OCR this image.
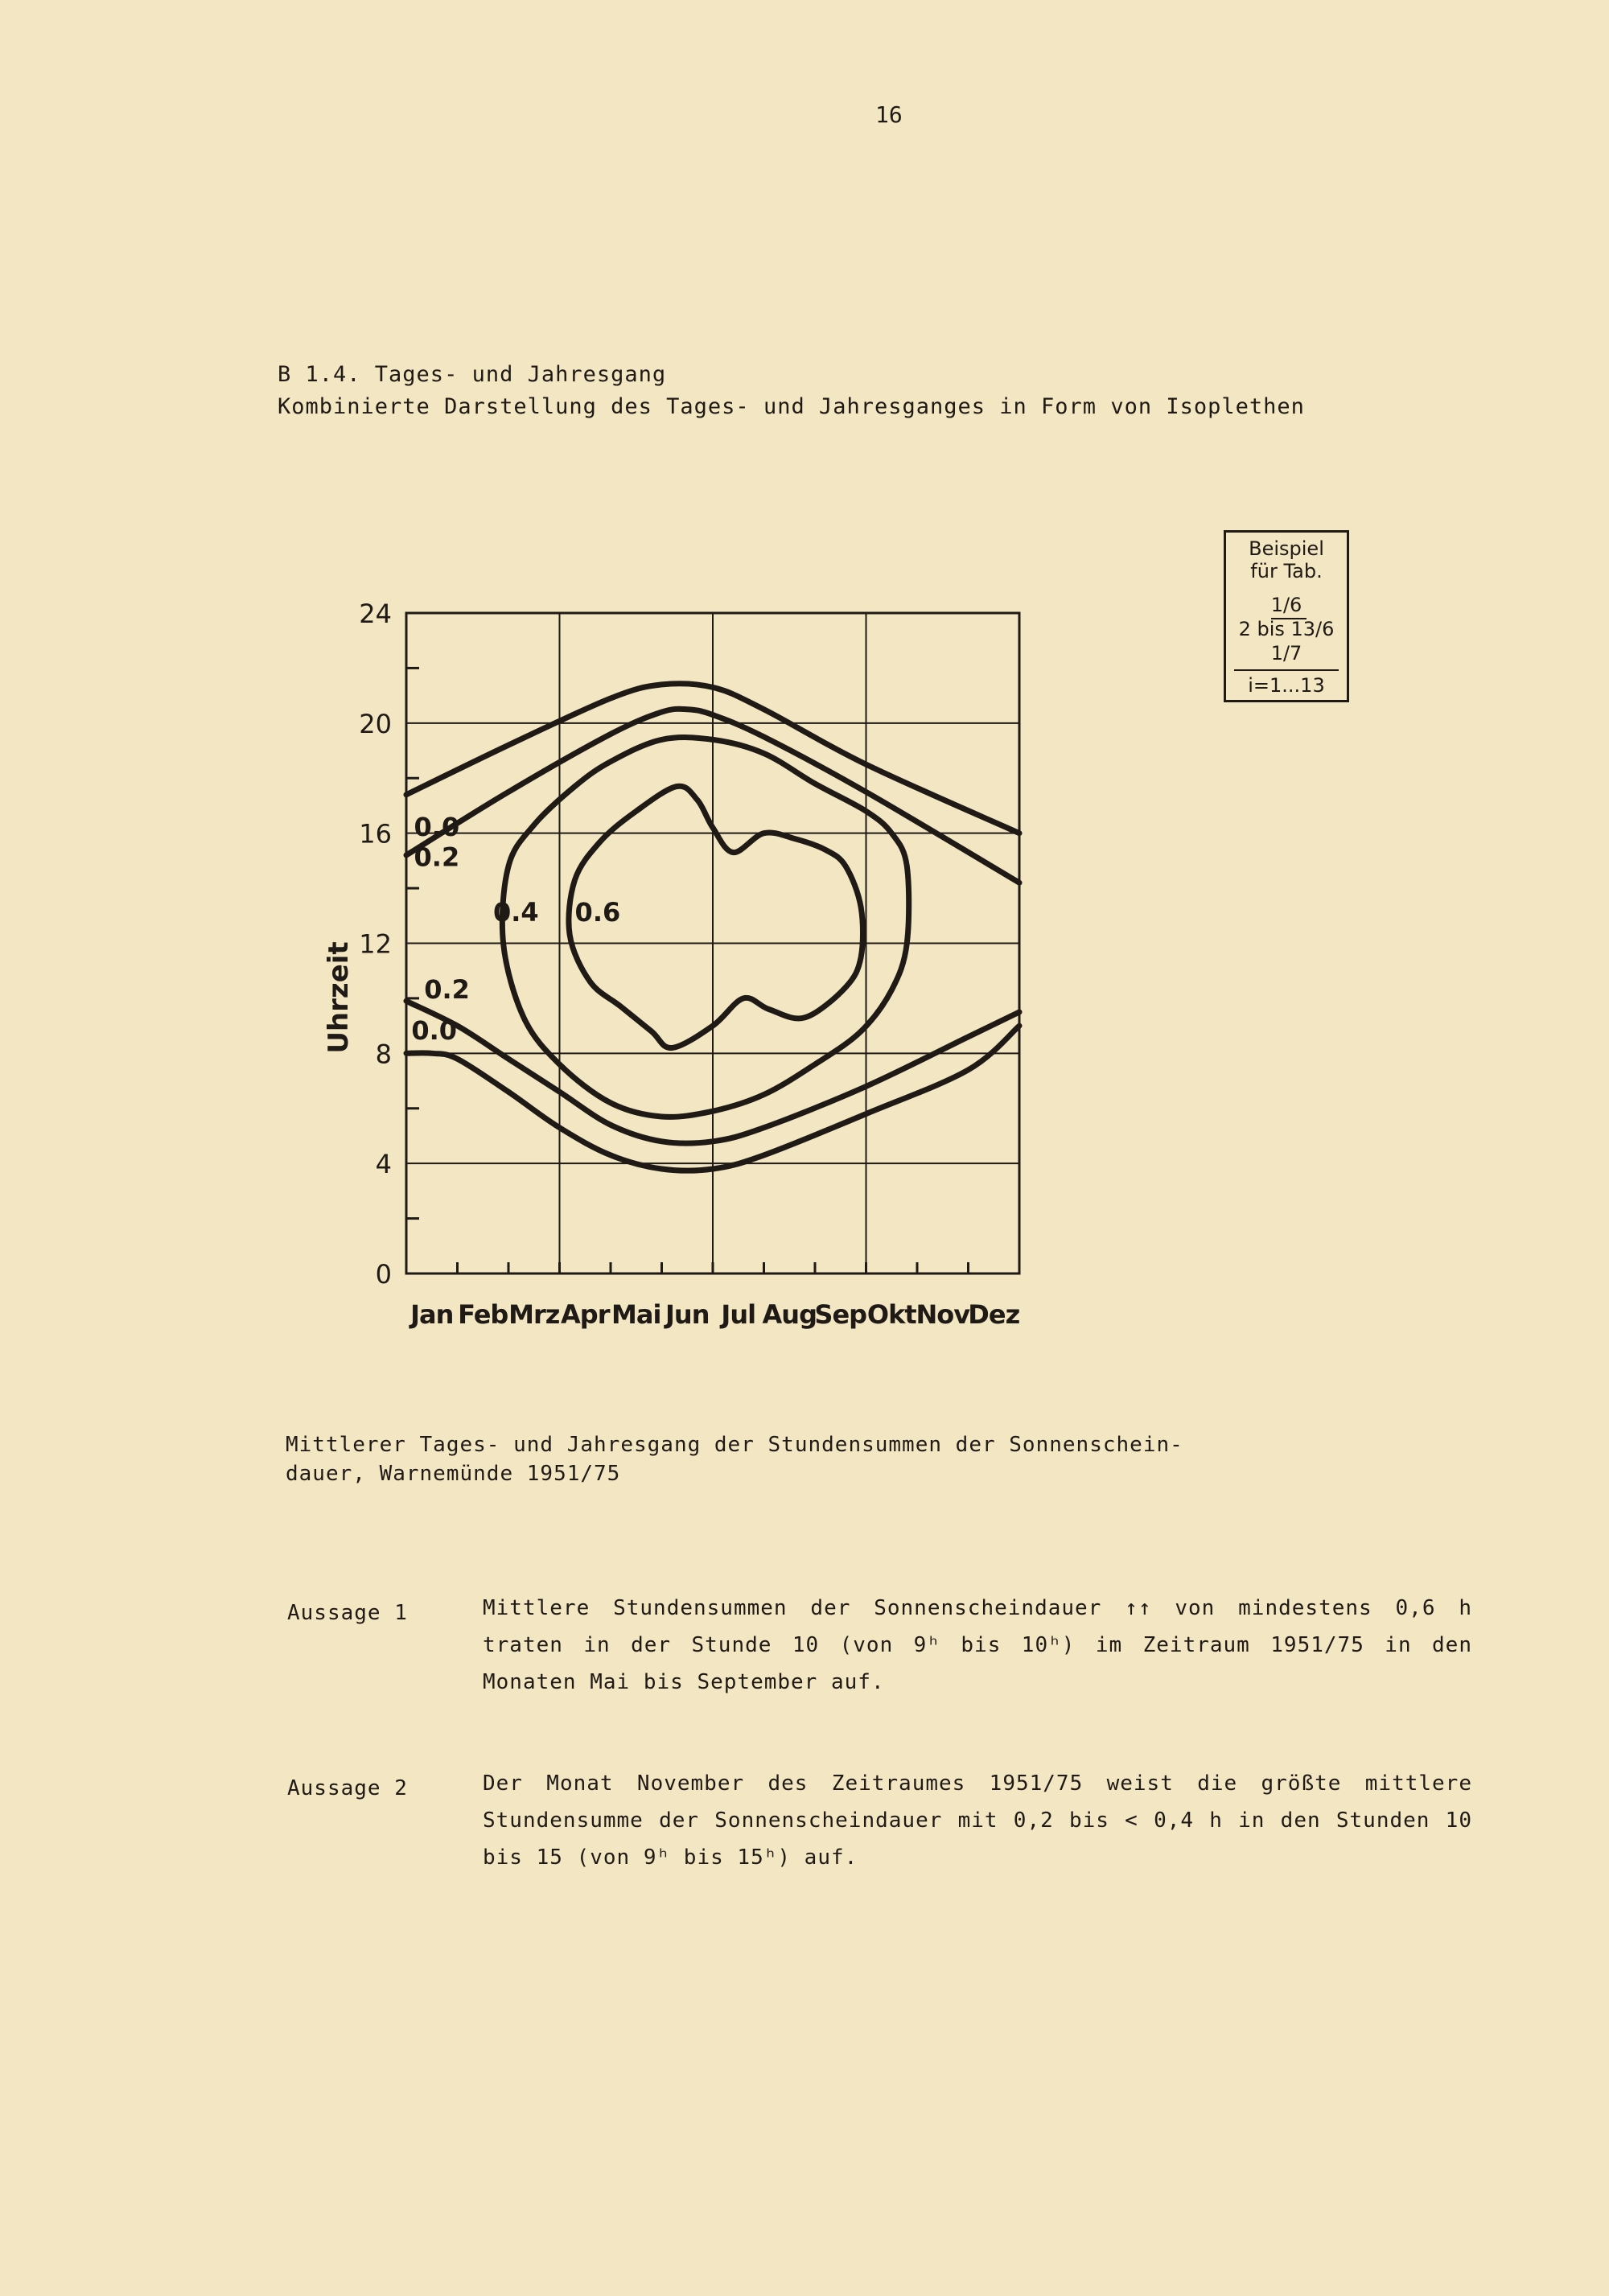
16
B 1.4. Tages- und Jahresgang
Kombinierte Darstellung des Tages- und Jahresganges in Form von Isoplethen
Beispiel
für Tab.
1/6
2 bis 13/6
1/7
i=1...13
0
4
8
12
16
20
24
Jan Feb Mrz Apr Mai Jun Jul Aug
Sep Okt Nov
Dez
0.0
0.2
0.4 0.6
0.2
0.0
Uhrzeit
Mittlerer Tages- und Jahresgang der Stundensummen der Sonnenschein-
dauer, Warnemünde 1951/75
Aussage 1	Mittlere Stundensummen der Sonnenscheindauer ↑↑ von mindestens 0,6 h traten in der Stunde 10 (von 9ʰ bis 10ʰ) im Zeitraum 1951/75 in den Monaten Mai bis September auf.
Aussage 2	Der Monat November des Zeitraumes 1951/75 weist die größte mittlere Stundensumme der Sonnenscheindauer mit 0,2 bis < 0,4 h in den Stunden 10 bis 15 (von 9ʰ bis 15ʰ) auf.
